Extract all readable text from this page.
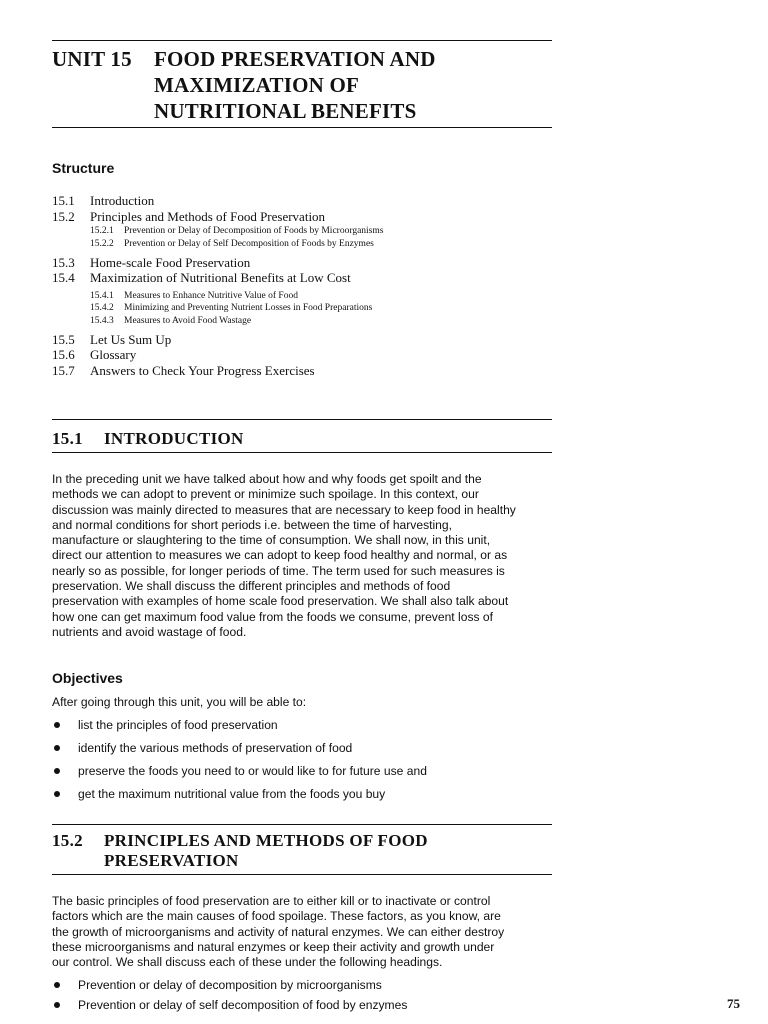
UNIT 15	FOOD PRESERVATION AND
MAXIMIZATION OF
NUTRITIONAL BENEFITS
Structure
15.1	Introduction
15.2	Principles and Methods of Food Preservation
15.2.1	Prevention or Delay of Decomposition of Foods by Microorganisms
15.2.2	Prevention or Delay of Self Decomposition of Foods by Enzymes
15.3	Home-scale Food Preservation
15.4	Maximization of Nutritional Benefits at Low Cost
15.4.1	Measures to Enhance Nutritive Value of Food
15.4.2	Minimizing and Preventing Nutrient Losses in Food Preparations
15.4.3	Measures to Avoid Food Wastage
15.5	Let Us Sum Up
15.6	Glossary
15.7	Answers to Check Your Progress Exercises
15.1	INTRODUCTION
In the preceding unit we have talked about how and why foods get spoilt and the
methods we can adopt to prevent or minimize such spoilage. In this context, our
discussion was mainly directed to measures that are necessary to keep food in healthy
and normal conditions for short periods i.e. between the time of harvesting,
manufacture or slaughtering to the time of consumption. We shall now, in this unit,
direct our attention to measures we can adopt to keep food healthy and normal, or as
nearly so as possible, for longer periods of time. The term used for such measures is
preservation. We shall discuss the different principles and methods of food
preservation with examples of home scale food preservation. We shall also talk about
how one can get maximum food value from the foods we consume, prevent loss of
nutrients and avoid wastage of food.
Objectives
After going through this unit, you will be able to:
list the principles of food preservation
identify the various methods of preservation of food
preserve the foods you need to or would like to for future use and
get the maximum nutritional value from the foods you buy
15.2	PRINCIPLES AND METHODS OF FOOD
PRESERVATION
The basic principles of food preservation are to either kill or to inactivate or control
factors which are the main causes of food spoilage. These factors, as you know, are
the growth of microorganisms and activity of natural enzymes. We can either destroy
these microorganisms and natural enzymes or keep their activity and growth under
our control. We shall discuss each of these under the following headings.
Prevention or delay of decomposition by microorganisms
Prevention or delay of self decomposition of food by enzymes	75
